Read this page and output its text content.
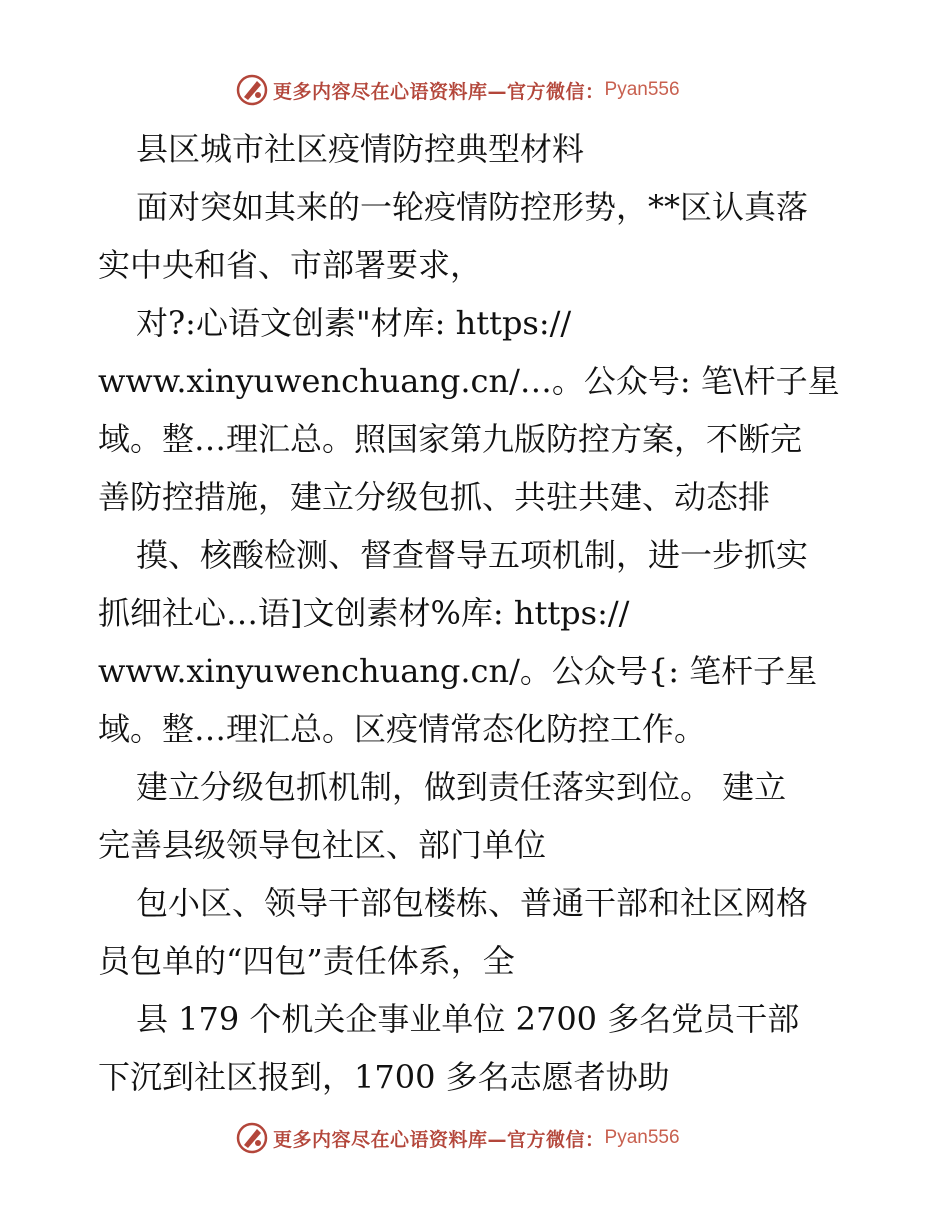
更多内容尽在心语资料库—官方微信： Pyan556
县区城市社区疫情防控典型材料
面对突如其来的一轮疫情防控形势，**区认真落
实中央和省、市部署要求，
对?:心语文创素"材库: https://
www.xinyuwenchuang.cn/…。公众号: 笔\杆子星
域。整…理汇总。照国家第九版防控方案，不断完
善防控措施，建立分级包抓、共驻共建、动态排
摸、核酸检测、督查督导五项机制，进一步抓实
抓细社心…语]文创素材%库: https://
www.xinyuwenchuang.cn/。公众号{: 笔杆子星
域。整…理汇总。区疫情常态化防控工作。
建立分级包抓机制，做到责任落实到位。 建立
完善县级领导包社区、部门单位
包小区、领导干部包楼栋、普通干部和社区网格
员包单的“四包”责任体系，全
县 179 个机关企事业单位 2700 多名党员干部
下沉到社区报到，1700 多名志愿者协助
更多内容尽在心语资料库—官方微信： Pyan556
